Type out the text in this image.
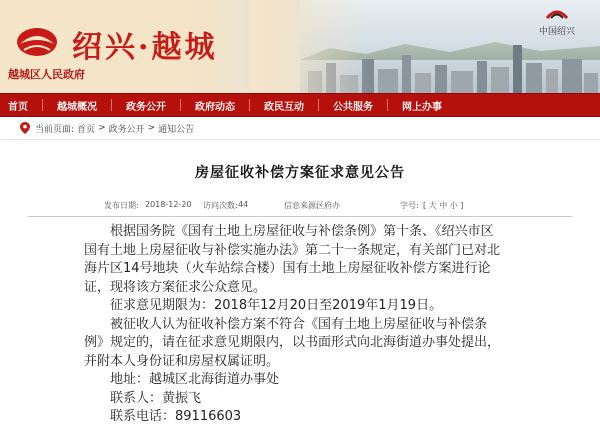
绍兴·越城
越城区人民政府
中国绍兴
首页	越城概况	政务公开	政府动态	政民互动	公共服务	网上办事
当前页面: 首页 > 政务公开 > 通知公告
房屋征收补偿方案征求意见公告
发布日期: 2018-12-20 访问次数: 44	信息来源:
区府办	字号: [ 大 中 小 ]

根据国务院《国有土地上房屋征收与补偿条例》第十条、《绍兴市区国有土地上房屋征收与补偿实施办法》第二十一条规定，有关部门已对北海片区14号地块（火车站综合楼）国有土地上房屋征收补偿方案进行论证，现将该方案征求公众意见。

征求意见期限为：2018年12月20日至2019年1月19日。

被征收人认为征收补偿方案不符合《国有土地上房屋征收与补偿条例》规定的，请在征求意见期限内，以书面形式向北海街道办事处提出，并附本人身份证和房屋权属证明。

地址：越城区北海街道办事处

联系人：黄振飞

联系电话：89116603
